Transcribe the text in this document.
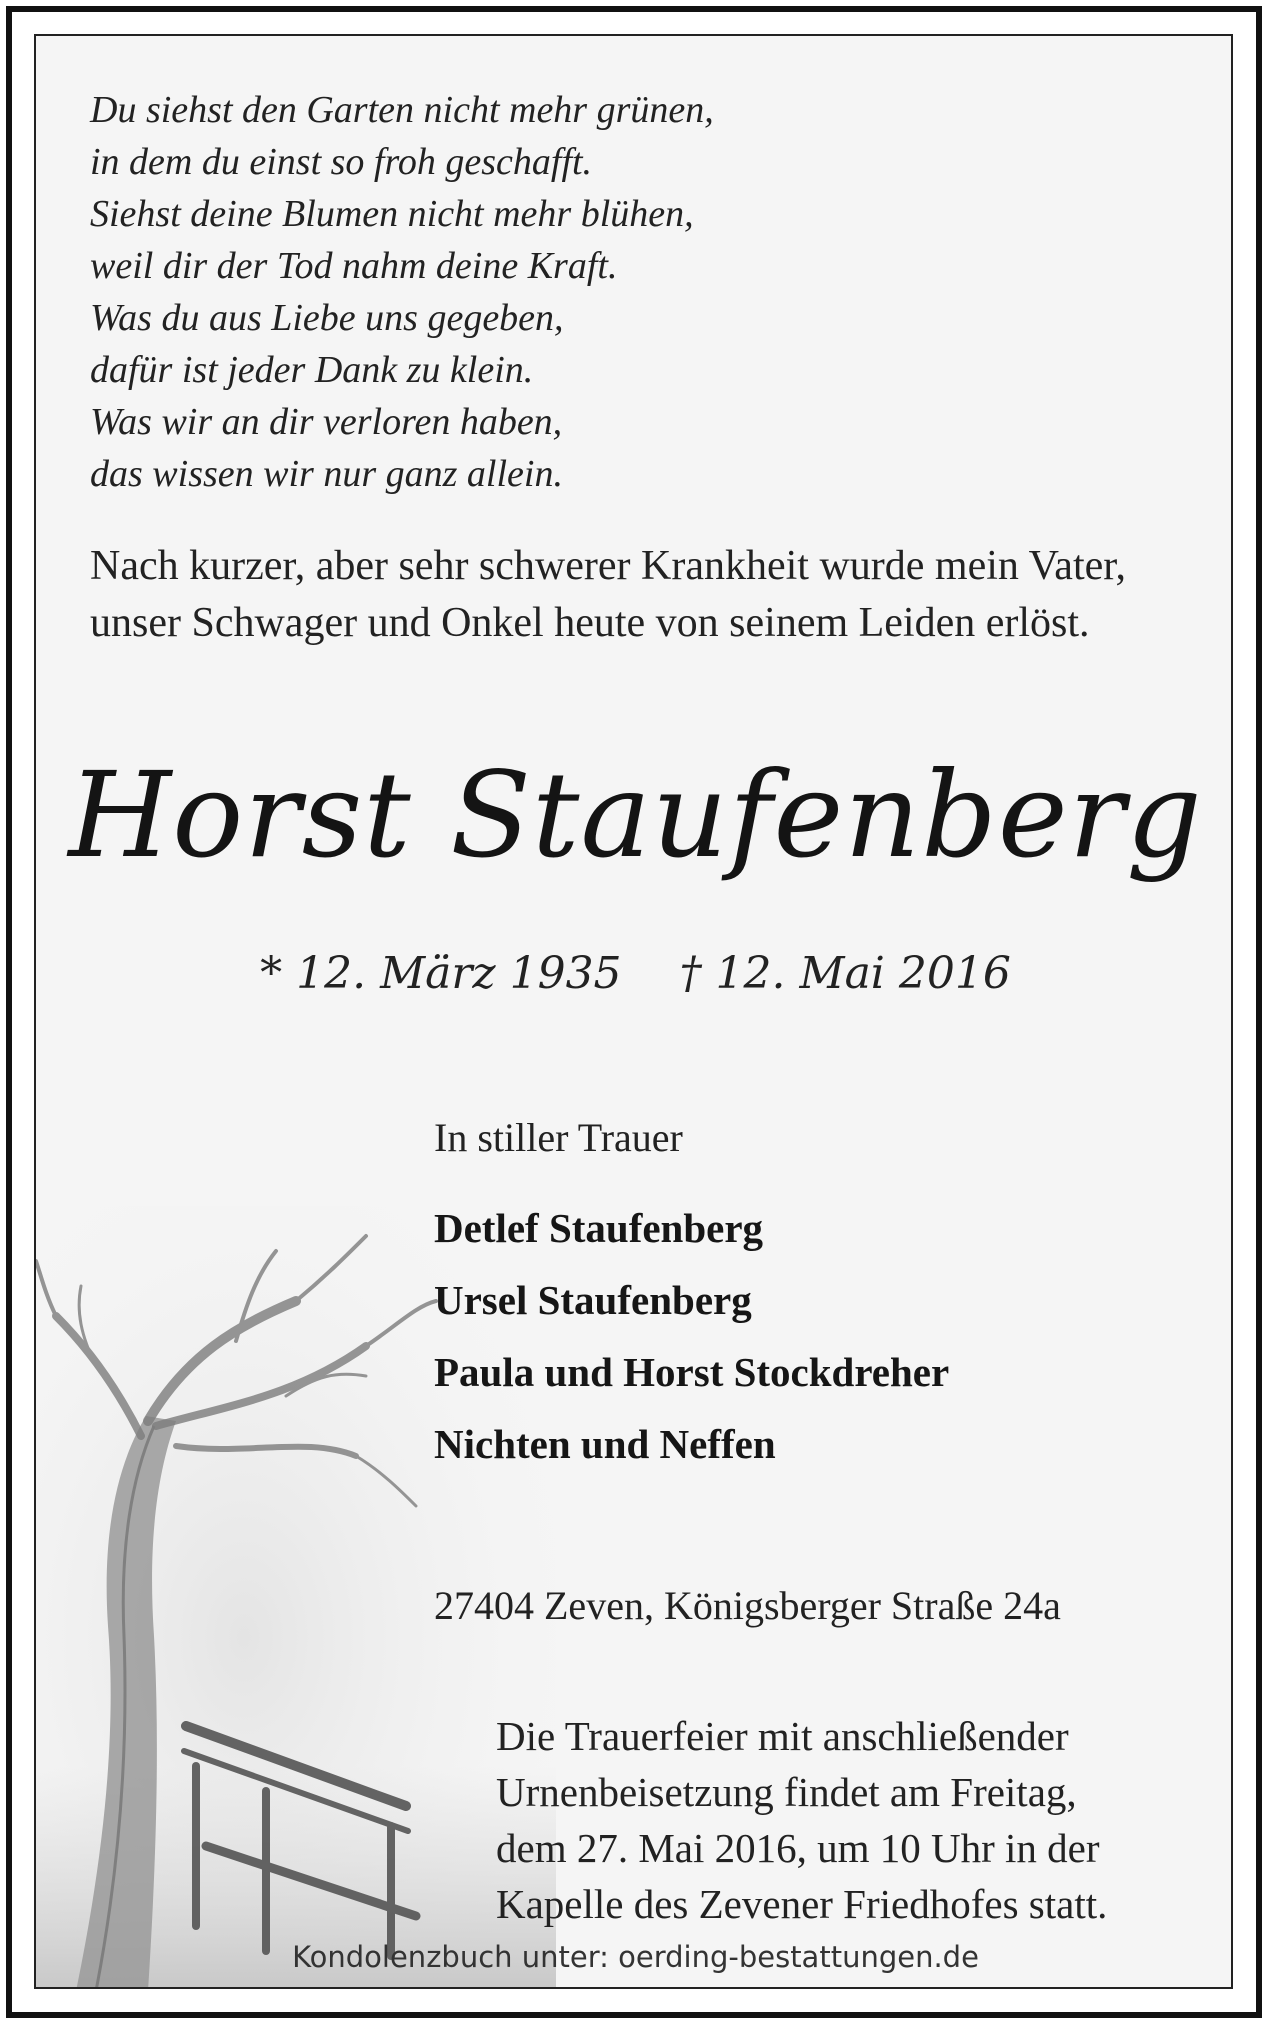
Du siehst den Garten nicht mehr grünen,
in dem du einst so froh geschafft.
Siehst deine Blumen nicht mehr blühen,
weil dir der Tod nahm deine Kraft.
Was du aus Liebe uns gegeben,
dafür ist jeder Dank zu klein.
Was wir an dir verloren haben,
das wissen wir nur ganz allein.
Nach kurzer, aber sehr schwerer Krankheit wurde mein Vater, unser Schwager und Onkel heute von seinem Leiden erlöst.
Horst Staufenberg
* 12. März 1935 † 12. Mai 2016
In stiller Trauer
Detlef Staufenberg
Ursel Staufenberg
Paula und Horst Stockdreher
Nichten und Neffen
27404 Zeven, Königsberger Straße 24a
Die Trauerfeier mit anschließender
Urnenbeisetzung findet am Freitag,
dem 27. Mai 2016, um 10 Uhr in der
Kapelle des Zevener Friedhofes statt.
Kondolenzbuch unter: oerding-bestattungen.de
